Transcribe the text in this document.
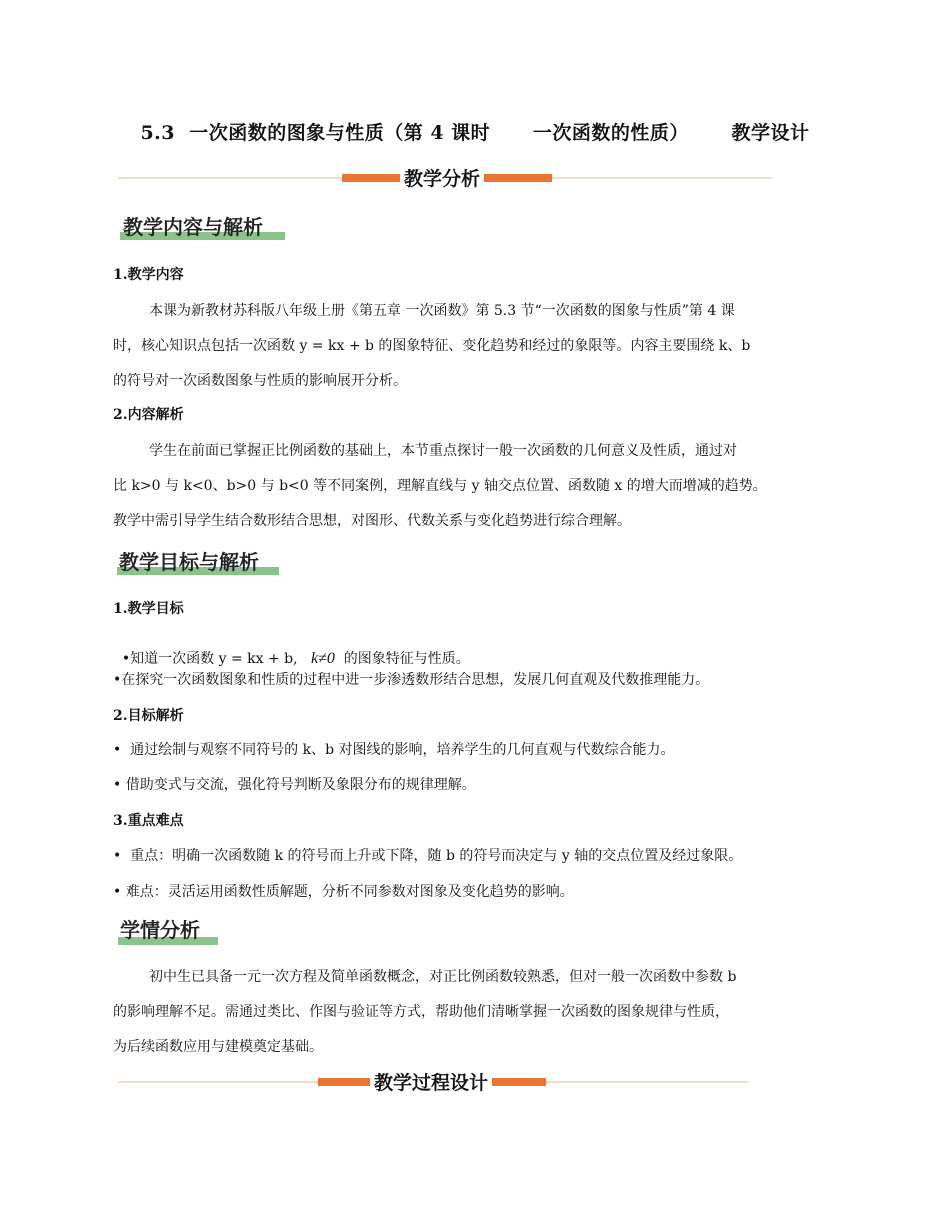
5.3  一次函数的图象与性质（第 4 课时      一次函数的性质）      教学设计
教学分析
教学内容与解析
1.教学内容
本课为新教材苏科版八年级上册《第五章 一次函数》第 5.3 节“一次函数的图象与性质”第 4 课
时，核心知识点包括一次函数 y = kx + b 的图象特征、变化趋势和经过的象限等。内容主要围绕 k、b
的符号对一次函数图象与性质的影响展开分析。
2.内容解析
学生在前面已掌握正比例函数的基础上，本节重点探讨一般一次函数的几何意义及性质，通过对
比 k>0 与 k<0、b>0 与 b<0 等不同案例，理解直线与 y 轴交点位置、函数随 x 的增大而增减的趋势。
教学中需引导学生结合数形结合思想，对图形、代数关系与变化趋势进行综合理解。
教学目标与解析
1.教学目标

•知道一次函数 y = kx + b,   k≠0  的图象特征与性质。

•在探究一次函数图象和性质的过程中进一步渗透数形结合思想，发展几何直观及代数推理能力。
2.目标解析
•  通过绘制与观察不同符号的 k、b 对图线的影响，培养学生的几何直观与代数综合能力。
• 借助变式与交流，强化符号判断及象限分布的规律理解。
3.重点难点
•  重点：明确一次函数随 k 的符号而上升或下降，随 b 的符号而决定与 y 轴的交点位置及经过象限。
• 难点：灵活运用函数性质解题，分析不同参数对图象及变化趋势的影响。
学情分析
初中生已具备一元一次方程及简单函数概念，对正比例函数较熟悉，但对一般一次函数中参数 b
的影响理解不足。需通过类比、作图与验证等方式，帮助他们清晰掌握一次函数的图象规律与性质，
为后续函数应用与建模奠定基础。
教学过程设计
